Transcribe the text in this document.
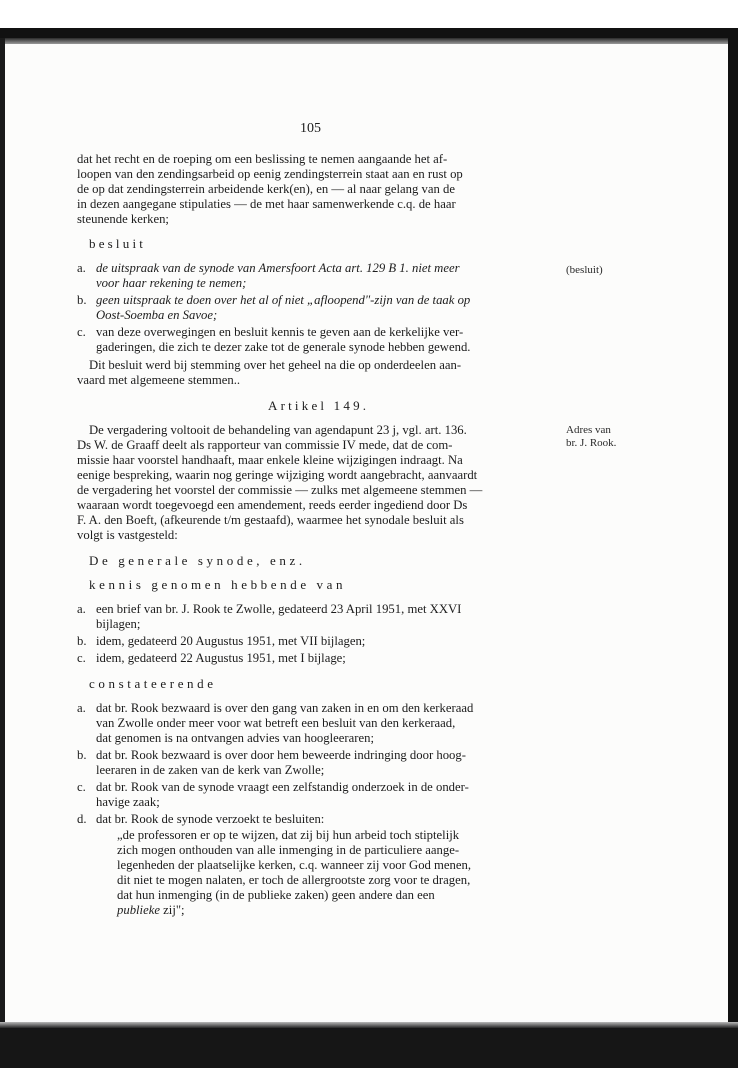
105
dat het recht en de roeping om een beslissing te nemen aangaande het af-
loopen van den zendingsarbeid op eenig zendingsterrein staat aan en rust op
de op dat zendingsterrein arbeidende kerk(en), en — al naar gelang van de
in dezen aangegane stipulaties — de met haar samenwerkende c.q. de haar
steunende kerken;
besluit
a. de uitspraak van de synode van Amersfoort Acta art. 129 B 1. niet meer
voor haar rekening te nemen;
b. geen uitspraak te doen over het al of niet „afloopend"-zijn van de taak op
Oost-Soemba en Savoe;
c. van deze overwegingen en besluit kennis te geven aan de kerkelijke ver-
gaderingen, die zich te dezer zake tot de generale synode hebben gewend.
(besluit)
Dit besluit werd bij stemming over het geheel na die op onderdeelen aan-
vaard met algemeene stemmen..
Artikel 149.
De vergadering voltooit de behandeling van agendapunt 23 j, vgl. art. 136.
Ds W. de Graaff deelt als rapporteur van commissie IV mede, dat de com-
missie haar voorstel handhaaft, maar enkele kleine wijzigingen indraagt. Na
eenige bespreking, waarin nog geringe wijziging wordt aangebracht, aanvaardt
de vergadering het voorstel der commissie — zulks met algemeene stemmen —
waaraan wordt toegevoegd een amendement, reeds eerder ingediend door Ds
F. A. den Boeft, (afkeurende t/m gestaafd), waarmee het synodale besluit als
volgt is vastgesteld:
Adres van
br. J. Rook.
De generale synode, enz.
kennis genomen hebbende van
a. een brief van br. J. Rook te Zwolle, gedateerd 23 April 1951, met XXVI
bijlagen;
b. idem, gedateerd 20 Augustus 1951, met VII bijlagen;
c. idem, gedateerd 22 Augustus 1951, met I bijlage;
constateerende
a. dat br. Rook bezwaard is over den gang van zaken in en om den kerkeraad
van Zwolle onder meer voor wat betreft een besluit van den kerkeraad,
dat genomen is na ontvangen advies van hoogleeraren;
b. dat br. Rook bezwaard is over door hem beweerde indringing door hoog-
leeraren in de zaken van de kerk van Zwolle;
c. dat br. Rook van de synode vraagt een zelfstandig onderzoek in de onder-
havige zaak;
d. dat br. Rook de synode verzoekt te besluiten:
„de professoren er op te wijzen, dat zij bij hun arbeid toch stiptelijk
zich mogen onthouden van alle inmenging in de particuliere aange-
legenheden der plaatselijke kerken, c.q. wanneer zij voor God menen,
dit niet te mogen nalaten, er toch de allergrootste zorg voor te dragen,
dat hun inmenging (in de publieke zaken) geen andere dan een
publieke zij";
